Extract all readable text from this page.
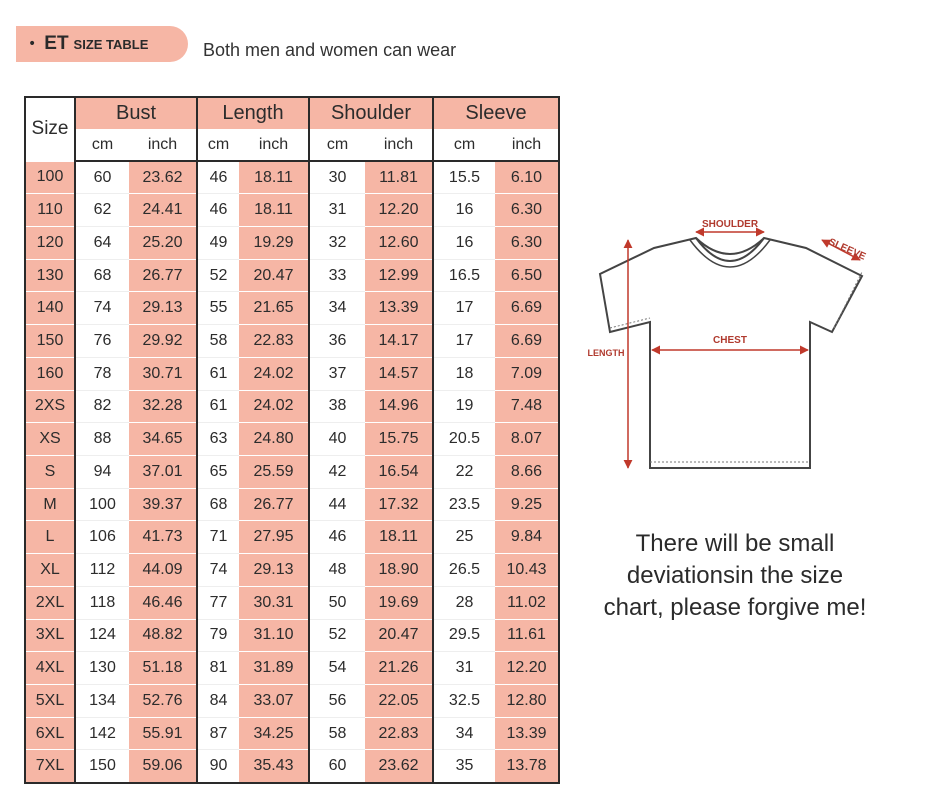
• ET SIZE TABLE	Both men and women can wear
Size	Bust		Length		Shoulder		Sleeve	
	cm	inch	cm	inch	cm	inch	cm	inch
100	60	23.62	46	18.11	30	11.81	15.5	6.10
110	62	24.41	46	18.11	31	12.20	16	6.30
120	64	25.20	49	19.29	32	12.60	16	6.30
130	68	26.77	52	20.47	33	12.99	16.5	6.50
140	74	29.13	55	21.65	34	13.39	17	6.69
150	76	29.92	58	22.83	36	14.17	17	6.69
160	78	30.71	61	24.02	37	14.57	18	7.09
2XS	82	32.28	61	24.02	38	14.96	19	7.48
XS	88	34.65	63	24.80	40	15.75	20.5	8.07
S	94	37.01	65	25.59	42	16.54	22	8.66
M	100	39.37	68	26.77	44	17.32	23.5	9.25
L	106	41.73	71	27.95	46	18.11	25	9.84
XL	112	44.09	74	29.13	48	18.90	26.5	10.43
2XL	118	46.46	77	30.31	50	19.69	28	11.02
3XL	124	48.82	79	31.10	52	20.47	29.5	11.61
4XL	130	51.18	81	31.89	54	21.26	31	12.20
5XL	134	52.76	84	33.07	56	22.05	32.5	12.80
6XL	142	55.91	87	34.25	58	22.83	34	13.39
7XL	150	59.06	90	35.43	60	23.62	35	13.78
SHOULDER
SLEEVE
CHEST
LENGTH
There will be small
deviationsin the size
chart, please forgive me!
